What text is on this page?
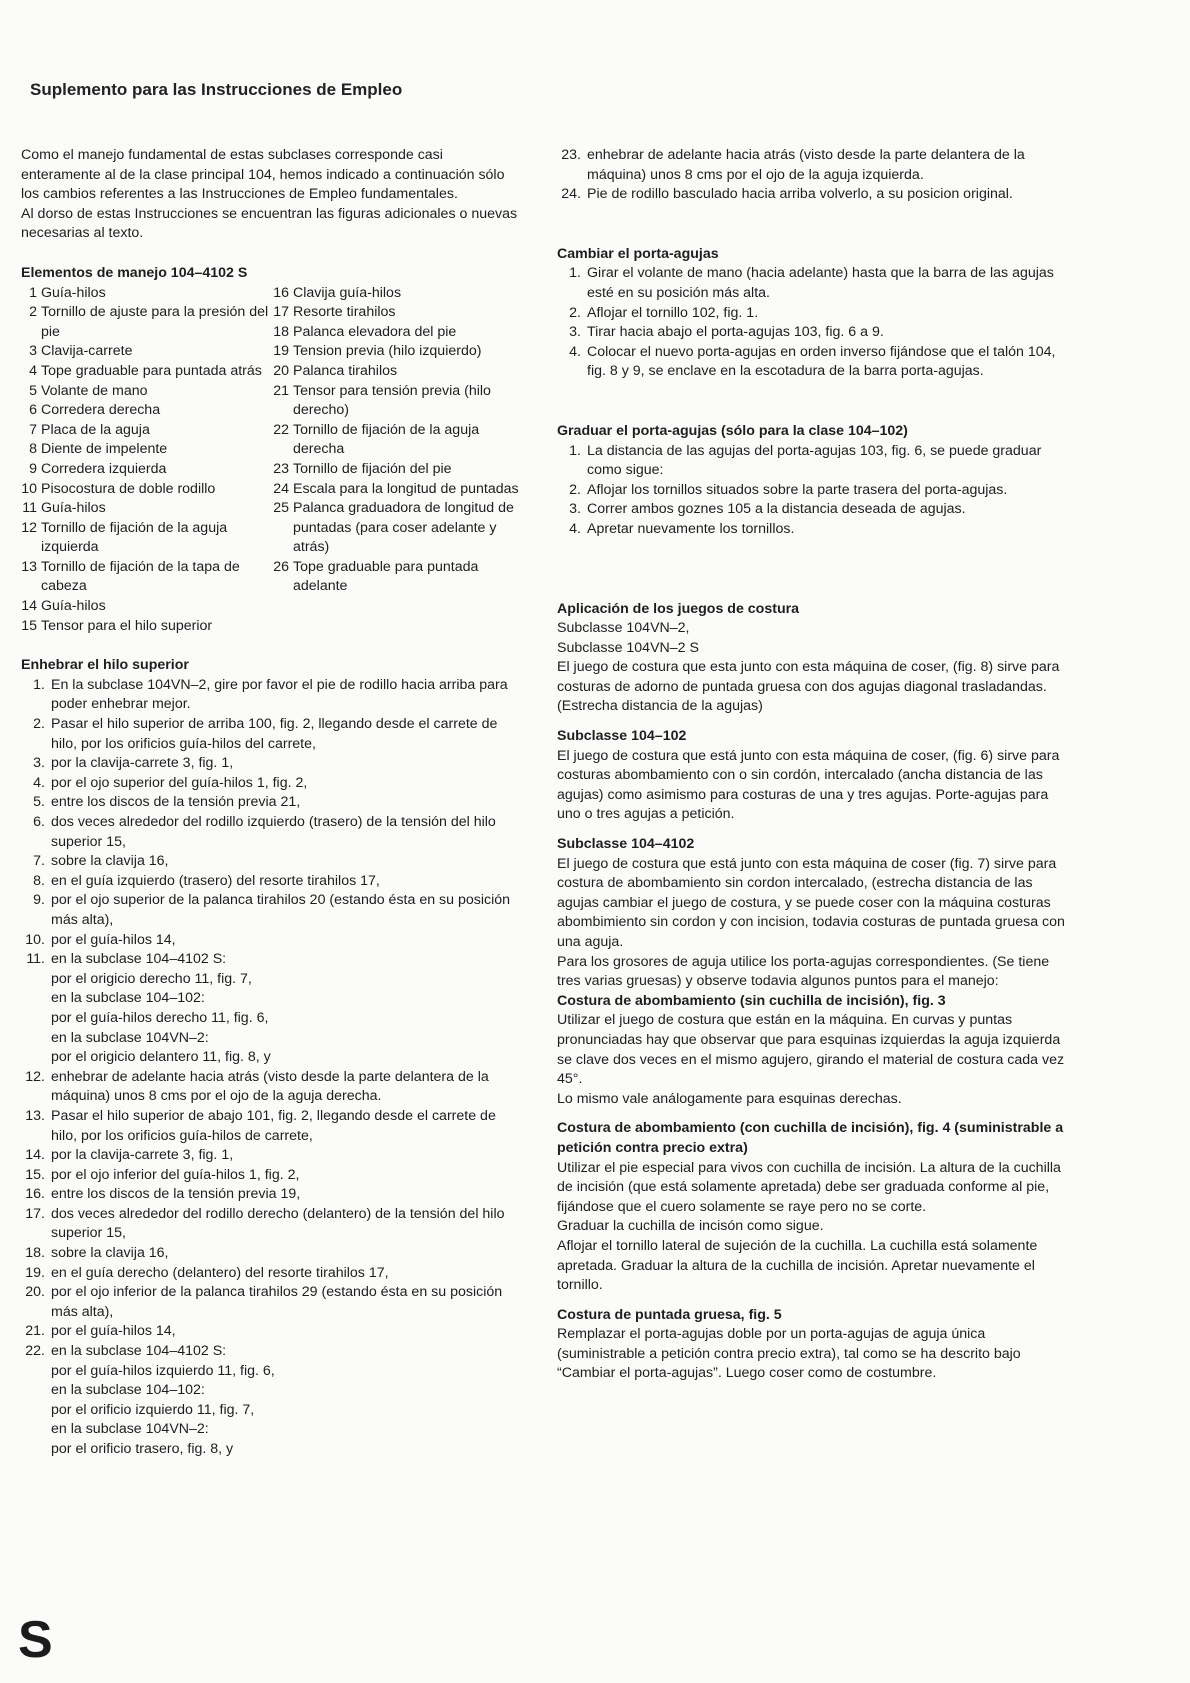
Suplemento para las Instrucciones de Empleo

Como el manejo fundamental de estas subclases corresponde casi enteramente al de la clase principal 104, hemos indicado a continuación sólo los cambios referentes a las Instrucciones de Empleo fundamentales.

Al dorso de estas Instrucciones se encuentran las figuras adicionales o nuevas necesarias al texto.

Elementos de manejo 104–4102 S

1 Guía-hilos
2 Tornillo de ajuste para la presión del pie
3 Clavija-carrete
4 Tope graduable para puntada atrás
5 Volante de mano
6 Corredera derecha
7 Placa de la aguja
8 Diente de impelente
9 Corredera izquierda
10 Pisocostura de doble rodillo
11 Guía-hilos
12 Tornillo de fijación de la aguja izquierda
13 Tornillo de fijación de la tapa de cabeza
14 Guía-hilos
15 Tensor para el hilo superior
16 Clavija guía-hilos
17 Resorte tirahilos
18 Palanca elevadora del pie
19 Tension previa (hilo izquierdo)
20 Palanca tirahilos
21 Tensor para tensión previa (hilo derecho)
22 Tornillo de fijación de la aguja derecha
23 Tornillo de fijación del pie
24 Escala para la longitud de puntadas
25 Palanca graduadora de longitud de puntadas (para coser adelante y atrás)
26 Tope graduable para puntada adelante

Enhebrar el hilo superior

1. En la subclase 104VN–2, gire por favor el pie de rodillo hacia arriba para poder enhebrar mejor.
2. Pasar el hilo superior de arriba 100, fig. 2, llegando desde el carrete de hilo, por los orificios guía-hilos del carrete,
3. por la clavija-carrete 3, fig. 1,
4. por el ojo superior del guía-hilos 1, fig. 2,
5. entre los discos de la tensión previa 21,
6. dos veces alrededor del rodillo izquierdo (trasero) de la tensión del hilo superior 15,
7. sobre la clavija 16,
8. en el guía izquierdo (trasero) del resorte tirahilos 17,
9. por el ojo superior de la palanca tirahilos 20 (estando ésta en su posición más alta),
10. por el guía-hilos 14,
11. en la subclase 104–4102 S:
por el origicio derecho 11, fig. 7,
en la subclase 104–102:
por el guía-hilos derecho 11, fig. 6,
en la subclase 104VN–2:
por el origicio delantero 11, fig. 8, y
12. enhebrar de adelante hacia atrás (visto desde la parte delantera de la máquina) unos 8 cms por el ojo de la aguja derecha.
13. Pasar el hilo superior de abajo 101, fig. 2, llegando desde el carrete de hilo, por los orificios guía-hilos de carrete,
14. por la clavija-carrete 3, fig. 1,
15. por el ojo inferior del guía-hilos 1, fig. 2,
16. entre los discos de la tensión previa 19,
17. dos veces alrededor del rodillo derecho (delantero) de la tensión del hilo superior 15,
18. sobre la clavija 16,
19. en el guía derecho (delantero) del resorte tirahilos 17,
20. por el ojo inferior de la palanca tirahilos 29 (estando ésta en su posición más alta),
21. por el guía-hilos 14,
22. en la subclase 104–4102 S:
por el guía-hilos izquierdo 11, fig. 6,
en la subclase 104–102:
por el orificio izquierdo 11, fig. 7,
en la subclase 104VN–2:
por el orificio trasero, fig. 8, y
23. enhebrar de adelante hacia atrás (visto desde la parte delantera de la máquina) unos 8 cms por el ojo de la aguja izquierda.
24. Pie de rodillo basculado hacia arriba volverlo, a su posicion original.

Cambiar el porta-agujas

1. Girar el volante de mano (hacia adelante) hasta que la barra de las agujas esté en su posición más alta.
2. Aflojar el tornillo 102, fig. 1.
3. Tirar hacia abajo el porta-agujas 103, fig. 6 a 9.
4. Colocar el nuevo porta-agujas en orden inverso fijándose que el talón 104, fig. 8 y 9, se enclave en la escotadura de la barra porta-agujas.

Graduar el porta-agujas (sólo para la clase 104–102)

1. La distancia de las agujas del porta-agujas 103, fig. 6, se puede graduar como sigue:
2. Aflojar los tornillos situados sobre la parte trasera del porta-agujas.
3. Correr ambos goznes 105 a la distancia deseada de agujas.
4. Apretar nuevamente los tornillos.

Aplicación de los juegos de costura

Subclasse 104VN–2,

Subclasse 104VN–2 S

El juego de costura que esta junto con esta máquina de coser, (fig. 8) sirve para costuras de adorno de puntada gruesa con dos agujas diagonal trasladandas. (Estrecha distancia de la agujas)

Subclasse 104–102

El juego de costura que está junto con esta máquina de coser, (fig. 6) sirve para costuras abombamiento con o sin cordón, intercalado (ancha distancia de las agujas) como asimismo para costuras de una y tres agujas. Porte-agujas para uno o tres agujas a petición.

Subclasse 104–4102

El juego de costura que está junto con esta máquina de coser (fig. 7) sirve para costura de abombamiento sin cordon intercalado, (estrecha distancia de las agujas cambiar el juego de costura, y se puede coser con la máquina costuras abombimiento sin cordon y con incision, todavia costuras de puntada gruesa con una aguja.

Para los grosores de aguja utilice los porta-agujas correspondientes. (Se tiene tres varias gruesas) y observe todavia algunos puntos para el manejo:

Costura de abombamiento (sin cuchilla de incisión), fig. 3

Utilizar el juego de costura que están en la máquina. En curvas y puntas pronunciadas hay que observar que para esquinas izquierdas la aguja izquierda se clave dos veces en el mismo agujero, girando el material de costura cada vez 45°.

Lo mismo vale análogamente para esquinas derechas.

Costura de abombamiento (con cuchilla de incisión), fig. 4 (suministrable a petición contra precio extra)

Utilizar el pie especial para vivos con cuchilla de incisión. La altura de la cuchilla de incisión (que está solamente apretada) debe ser graduada conforme al pie, fijándose que el cuero solamente se raye pero no se corte.

Graduar la cuchilla de incisón como sigue.

Aflojar el tornillo lateral de sujeción de la cuchilla. La cuchilla está solamente apretada. Graduar la altura de la cuchilla de incisión. Apretar nuevamente el tornillo.

Costura de puntada gruesa, fig. 5

Remplazar el porta-agujas doble por un porta-agujas de aguja única (suministrable a petición contra precio extra), tal como se ha descrito bajo “Cambiar el porta-agujas”. Luego coser como de costumbre.

S
